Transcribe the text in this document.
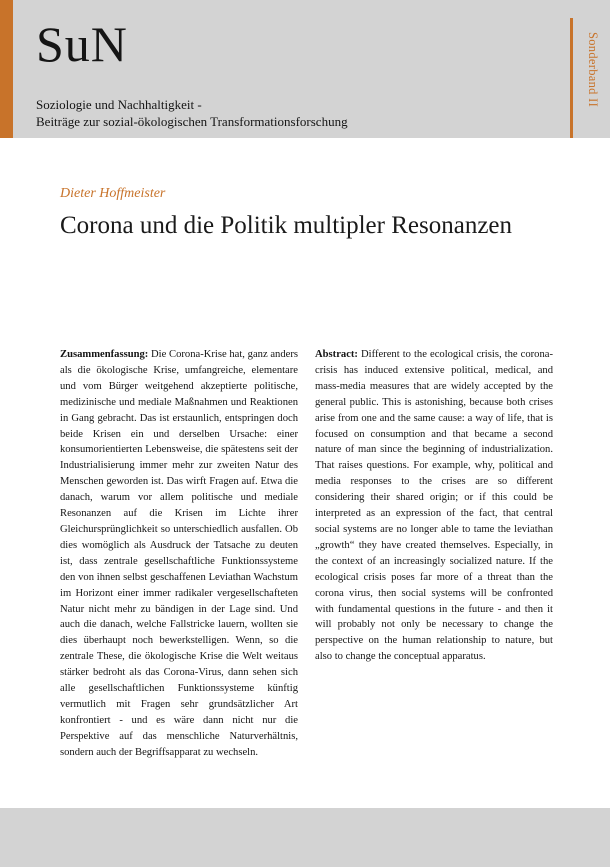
SuN

Soziologie und Nachhaltigkeit -
Beiträge zur sozial-ökologischen Transformationsforschung

Sonderband II

Dieter Hoffmeister

Corona und die Politik multipler Resonanzen

Zusammenfassung: Die Corona-Krise hat, ganz anders als die ökologische Krise, umfangreiche, elementare und vom Bürger weitgehend akzeptierte politische, medizinische und mediale Maßnahmen und Reaktionen in Gang gebracht. Das ist erstaunlich, entspringen doch beide Krisen ein und derselben Ursache: einer konsumorientierten Lebensweise, die spätestens seit der Industrialisierung immer mehr zur zweiten Natur des Menschen geworden ist. Das wirft Fragen auf. Etwa die danach, warum vor allem politische und mediale Resonanzen auf die Krisen im Lichte ihrer Gleichursprünglichkeit so unterschiedlich ausfallen. Ob dies womöglich als Ausdruck der Tatsache zu deuten ist, dass zentrale gesellschaftliche Funktionssysteme den von ihnen selbst geschaffenen Leviathan Wachstum im Horizont einer immer radikaler vergesellschafteten Natur nicht mehr zu bändigen in der Lage sind. Und auch die danach, welche Fallstricke lauern, wollten sie dies überhaupt noch bewerkstelligen. Wenn, so die zentrale These, die ökologische Krise die Welt weitaus stärker bedroht als das Corona-Virus, dann sehen sich alle gesellschaftlichen Funktionssysteme künftig vermutlich mit Fragen sehr grundsätzlicher Art konfrontiert - und es wäre dann nicht nur die Perspektive auf das menschliche Naturverhältnis, sondern auch der Begriffsapparat zu wechseln.

Abstract: Different to the ecological crisis, the corona-crisis has induced extensive political, medical, and mass-media measures that are widely accepted by the general public. This is astonishing, because both crises arise from one and the same cause: a way of life, that is focused on consumption and that became a second nature of man since the beginning of industrialization. That raises questions. For example, why, political and media responses to the crises are so different considering their shared origin; or if this could be interpreted as an expression of the fact, that central social systems are no longer able to tame the leviathan „growth“ they have created themselves. Especially, in the context of an increasingly socialized nature. If the ecological crisis poses far more of a threat than the corona virus, then social systems will be confronted with fundamental questions in the future - and then it will probably not only be necessary to change the perspective on the human relationship to nature, but also to change the conceptual apparatus.
